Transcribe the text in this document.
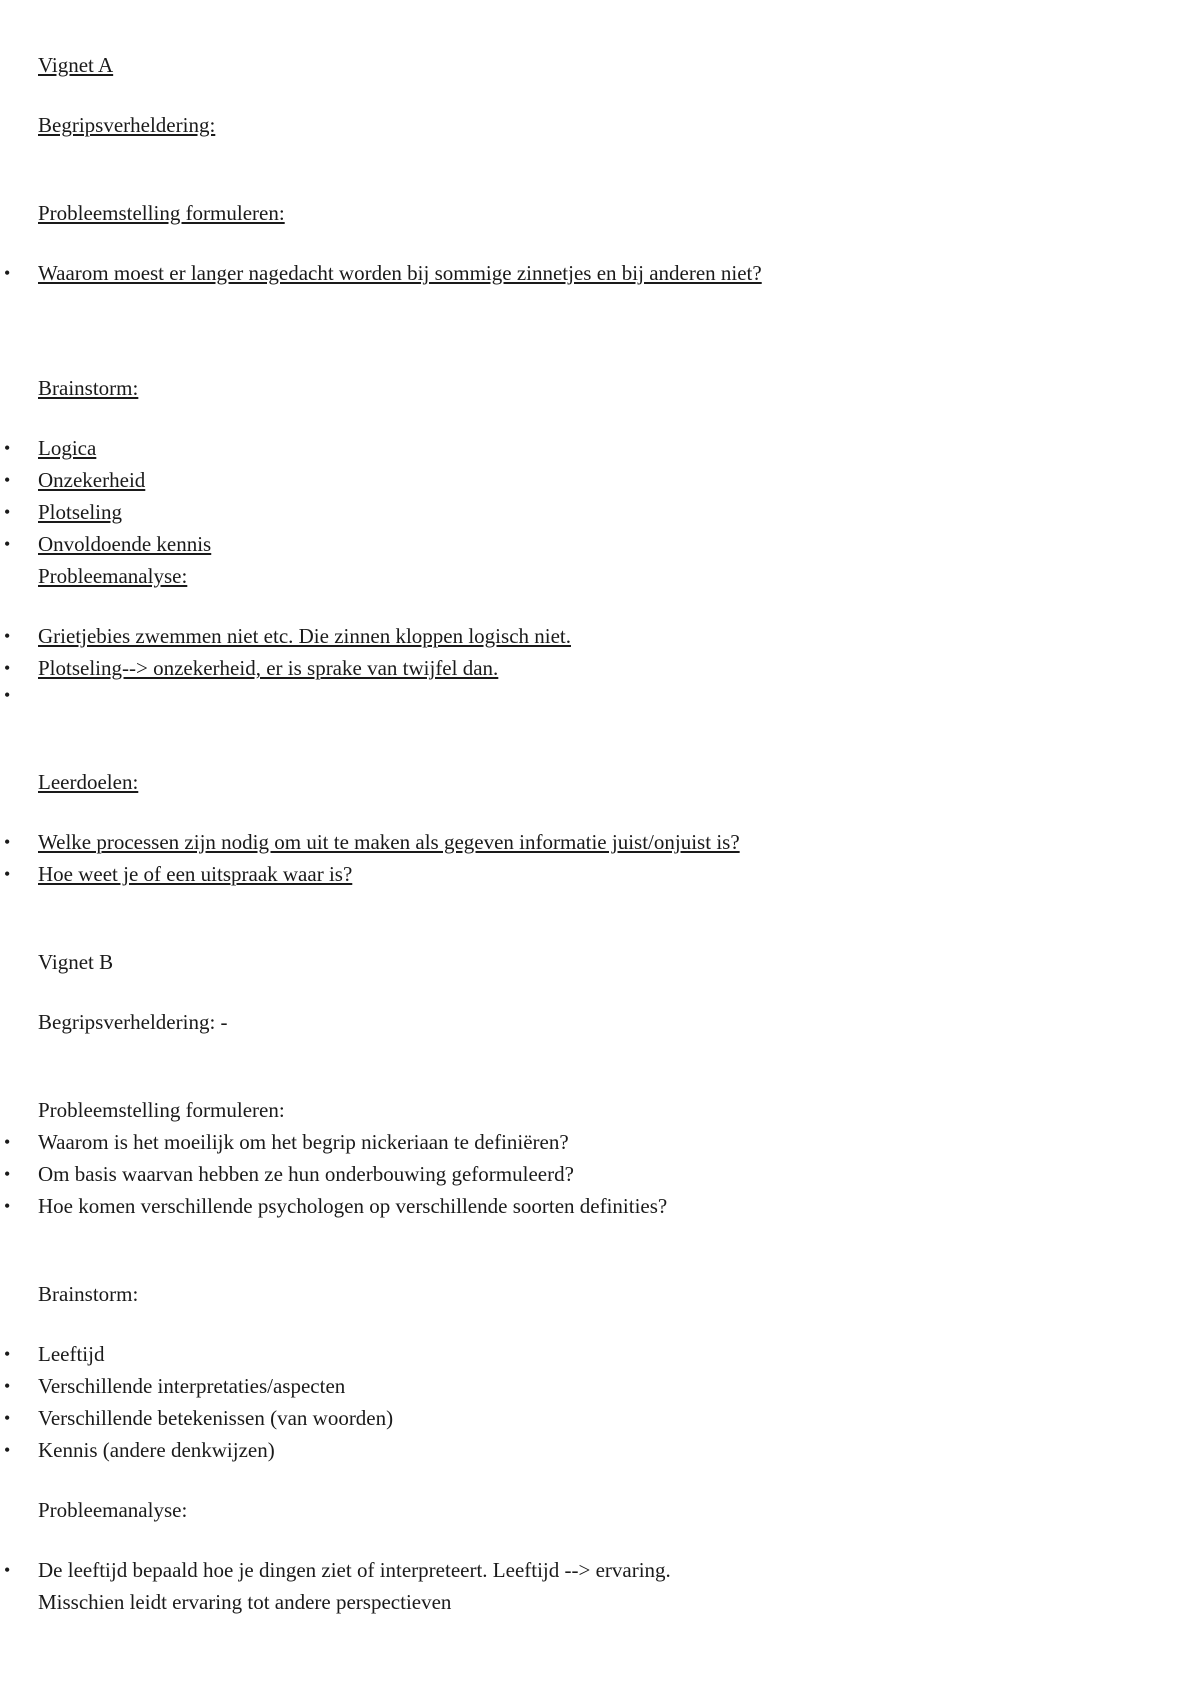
Vignet A
Begripsverheldering:
Probleemstelling formuleren:
•	Waarom moest er langer nagedacht worden bij sommige zinnetjes en bij anderen niet?
Brainstorm:
•	Logica
•	Onzekerheid
•	Plotseling
•	Onvoldoende kennis
Probleemanalyse:
•	Grietjebies zwemmen niet etc. Die zinnen kloppen logisch niet.
•	Plotseling--> onzekerheid, er is sprake van twijfel dan.
•
Leerdoelen:
•	Welke processen zijn nodig om uit te maken als gegeven informatie juist/onjuist is?
•	Hoe weet je of een uitspraak waar is?
Vignet B
Begripsverheldering: -
Probleemstelling formuleren:
•	Waarom is het moeilijk om het begrip nickeriaan te definiëren?
•	Om basis waarvan hebben ze hun onderbouwing geformuleerd?
•	Hoe komen verschillende psychologen op verschillende soorten definities?
Brainstorm:
•	Leeftijd
•	Verschillende interpretaties/aspecten
•	Verschillende betekenissen (van woorden)
•	Kennis (andere denkwijzen)
Probleemanalyse:
•	De leeftijd bepaald hoe je dingen ziet of interpreteert. Leeftijd --> ervaring.
Misschien leidt ervaring tot andere perspectieven
